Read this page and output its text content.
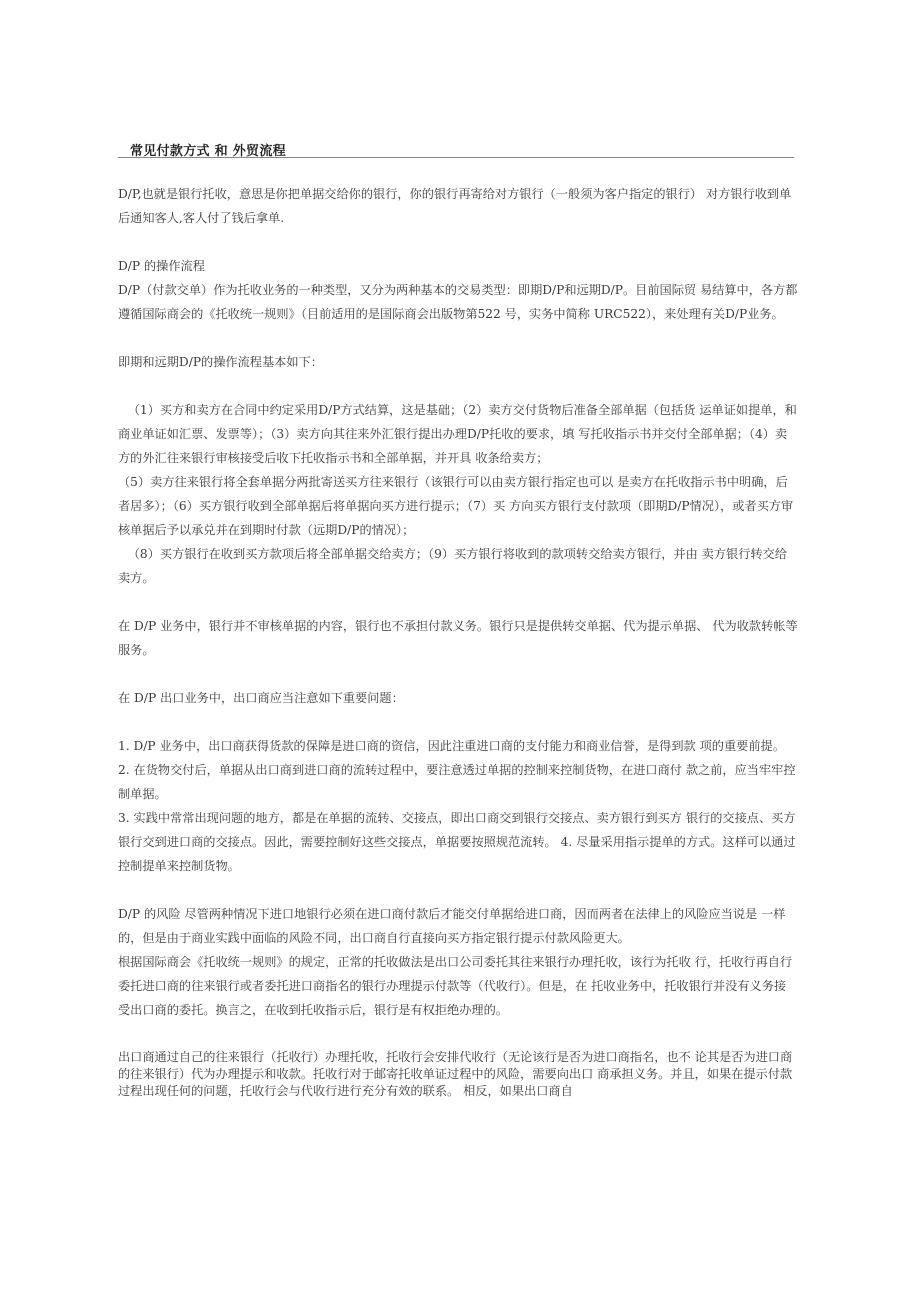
常见付款方式 和 外贸流程

D/P,也就是银行托收，意思是你把单据交给你的银行，你的银行再寄给对方银行（一般须为客户指定的银行） 对方银行收到单后通知客人,客人付了钱后拿单.

D/P 的操作流程

D/P（付款交单）作为托收业务的一种类型，又分为两种基本的交易类型：即期D/P和远期D/P。目前国际贸 易结算中，各方都遵循国际商会的《托收统一规则》（目前适用的是国际商会出版物第522 号，实务中简称 URC522），来处理有关D/P业务。

即期和远期D/P的操作流程基本如下：

（1）买方和卖方在合同中约定采用D/P方式结算，这是基础；（2）卖方交付货物后准备全部单据（包括货 运单证如提单，和商业单证如汇票、发票等）；（3）卖方向其往来外汇银行提出办理D/P托收的要求，填 写托收指示书并交付全部单据；（4）卖方的外汇往来银行审核接受后收下托收指示书和全部单据，并开具 收条给卖方；

（5）卖方往来银行将全套单据分两批寄送买方往来银行（该银行可以由卖方银行指定也可以 是卖方在托收指示书中明确，后者居多）；（6）买方银行收到全部单据后将单据向买方进行提示；（7）买 方向买方银行支付款项（即期D/P情况），或者买方审核单据后予以承兑并在到期时付款（远期D/P的情况）；

（8）买方银行在收到买方款项后将全部单据交给卖方；（9）买方银行将收到的款项转交给卖方银行，并由 卖方银行转交给卖方。

在 D/P 业务中，银行并不审核单据的内容，银行也不承担付款义务。银行只是提供转交单据、代为提示单据、 代为收款转帐等服务。

在 D/P 出口业务中，出口商应当注意如下重要问题：

1. D/P 业务中，出口商获得货款的保障是进口商的资信，因此注重进口商的支付能力和商业信誉，是得到款 项的重要前提。

2. 在货物交付后，单据从出口商到进口商的流转过程中，要注意透过单据的控制来控制货物，在进口商付 款之前，应当牢牢控制单据。

3. 实践中常常出现问题的地方，都是在单据的流转、交接点，即出口商交到银行交接点、卖方银行到买方 银行的交接点、买方银行交到进口商的交接点。因此，需要控制好这些交接点，单据要按照规范流转。 4. 尽量采用指示提单的方式。这样可以通过控制提单来控制货物。

D/P 的风险 尽管两种情况下进口地银行必须在进口商付款后才能交付单据给进口商，因而两者在法律上的风险应当说是 一样的，但是由于商业实践中面临的风险不同，出口商自行直接向买方指定银行提示付款风险更大。

根据国际商会《托收统一规则》的规定，正常的托收做法是出口公司委托其往来银行办理托收，该行为托收 行，托收行再自行委托进口商的往来银行或者委托进口商指名的银行办理提示付款等（代收行）。但是，在 托收业务中，托收银行并没有义务接受出口商的委托。换言之，在收到托收指示后，银行是有权拒绝办理的。

出口商通过自己的往来银行（托收行）办理托收，托收行会安排代收行（无论该行是否为进口商指名，也不 论其是否为进口商的往来银行）代为办理提示和收款。托收行对于邮寄托收单证过程中的风险，需要向出口 商承担义务。并且，如果在提示付款过程出现任何的问题，托收行会与代收行进行充分有效的联系。 相反，如果出口商自
